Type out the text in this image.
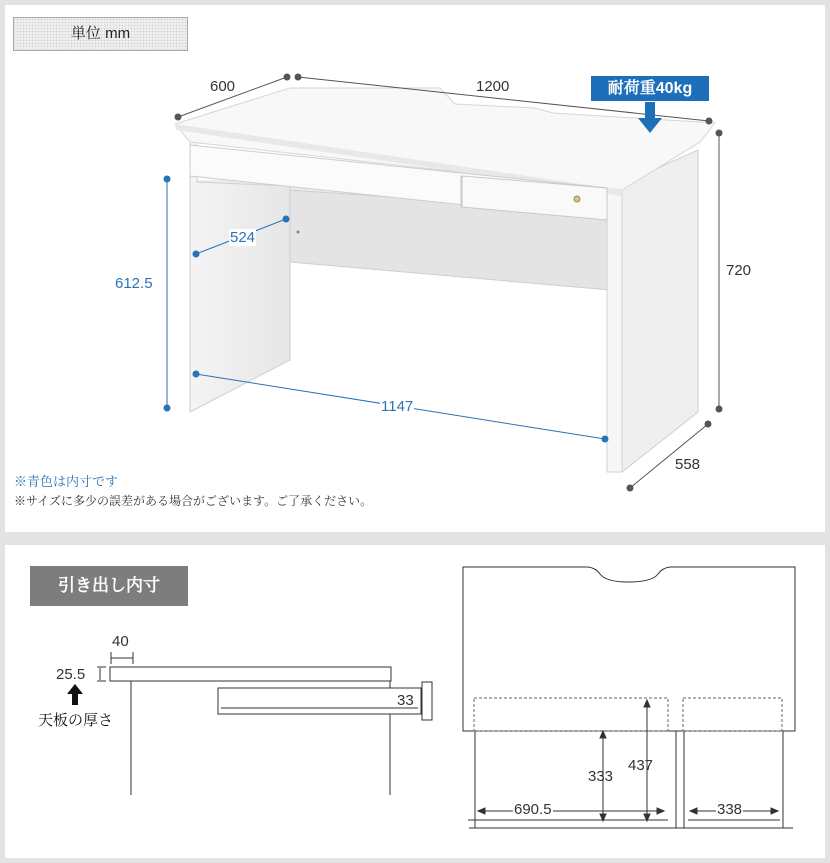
単位 mm
耐荷重40kg
600	1200
720
558
612.5
524
1147
※青色は内寸です
※サイズに多少の誤差がある場合がございます。ご了承ください。
引き出し内寸
40
25.5
33
天板の厚さ
333
437
690.5	338
